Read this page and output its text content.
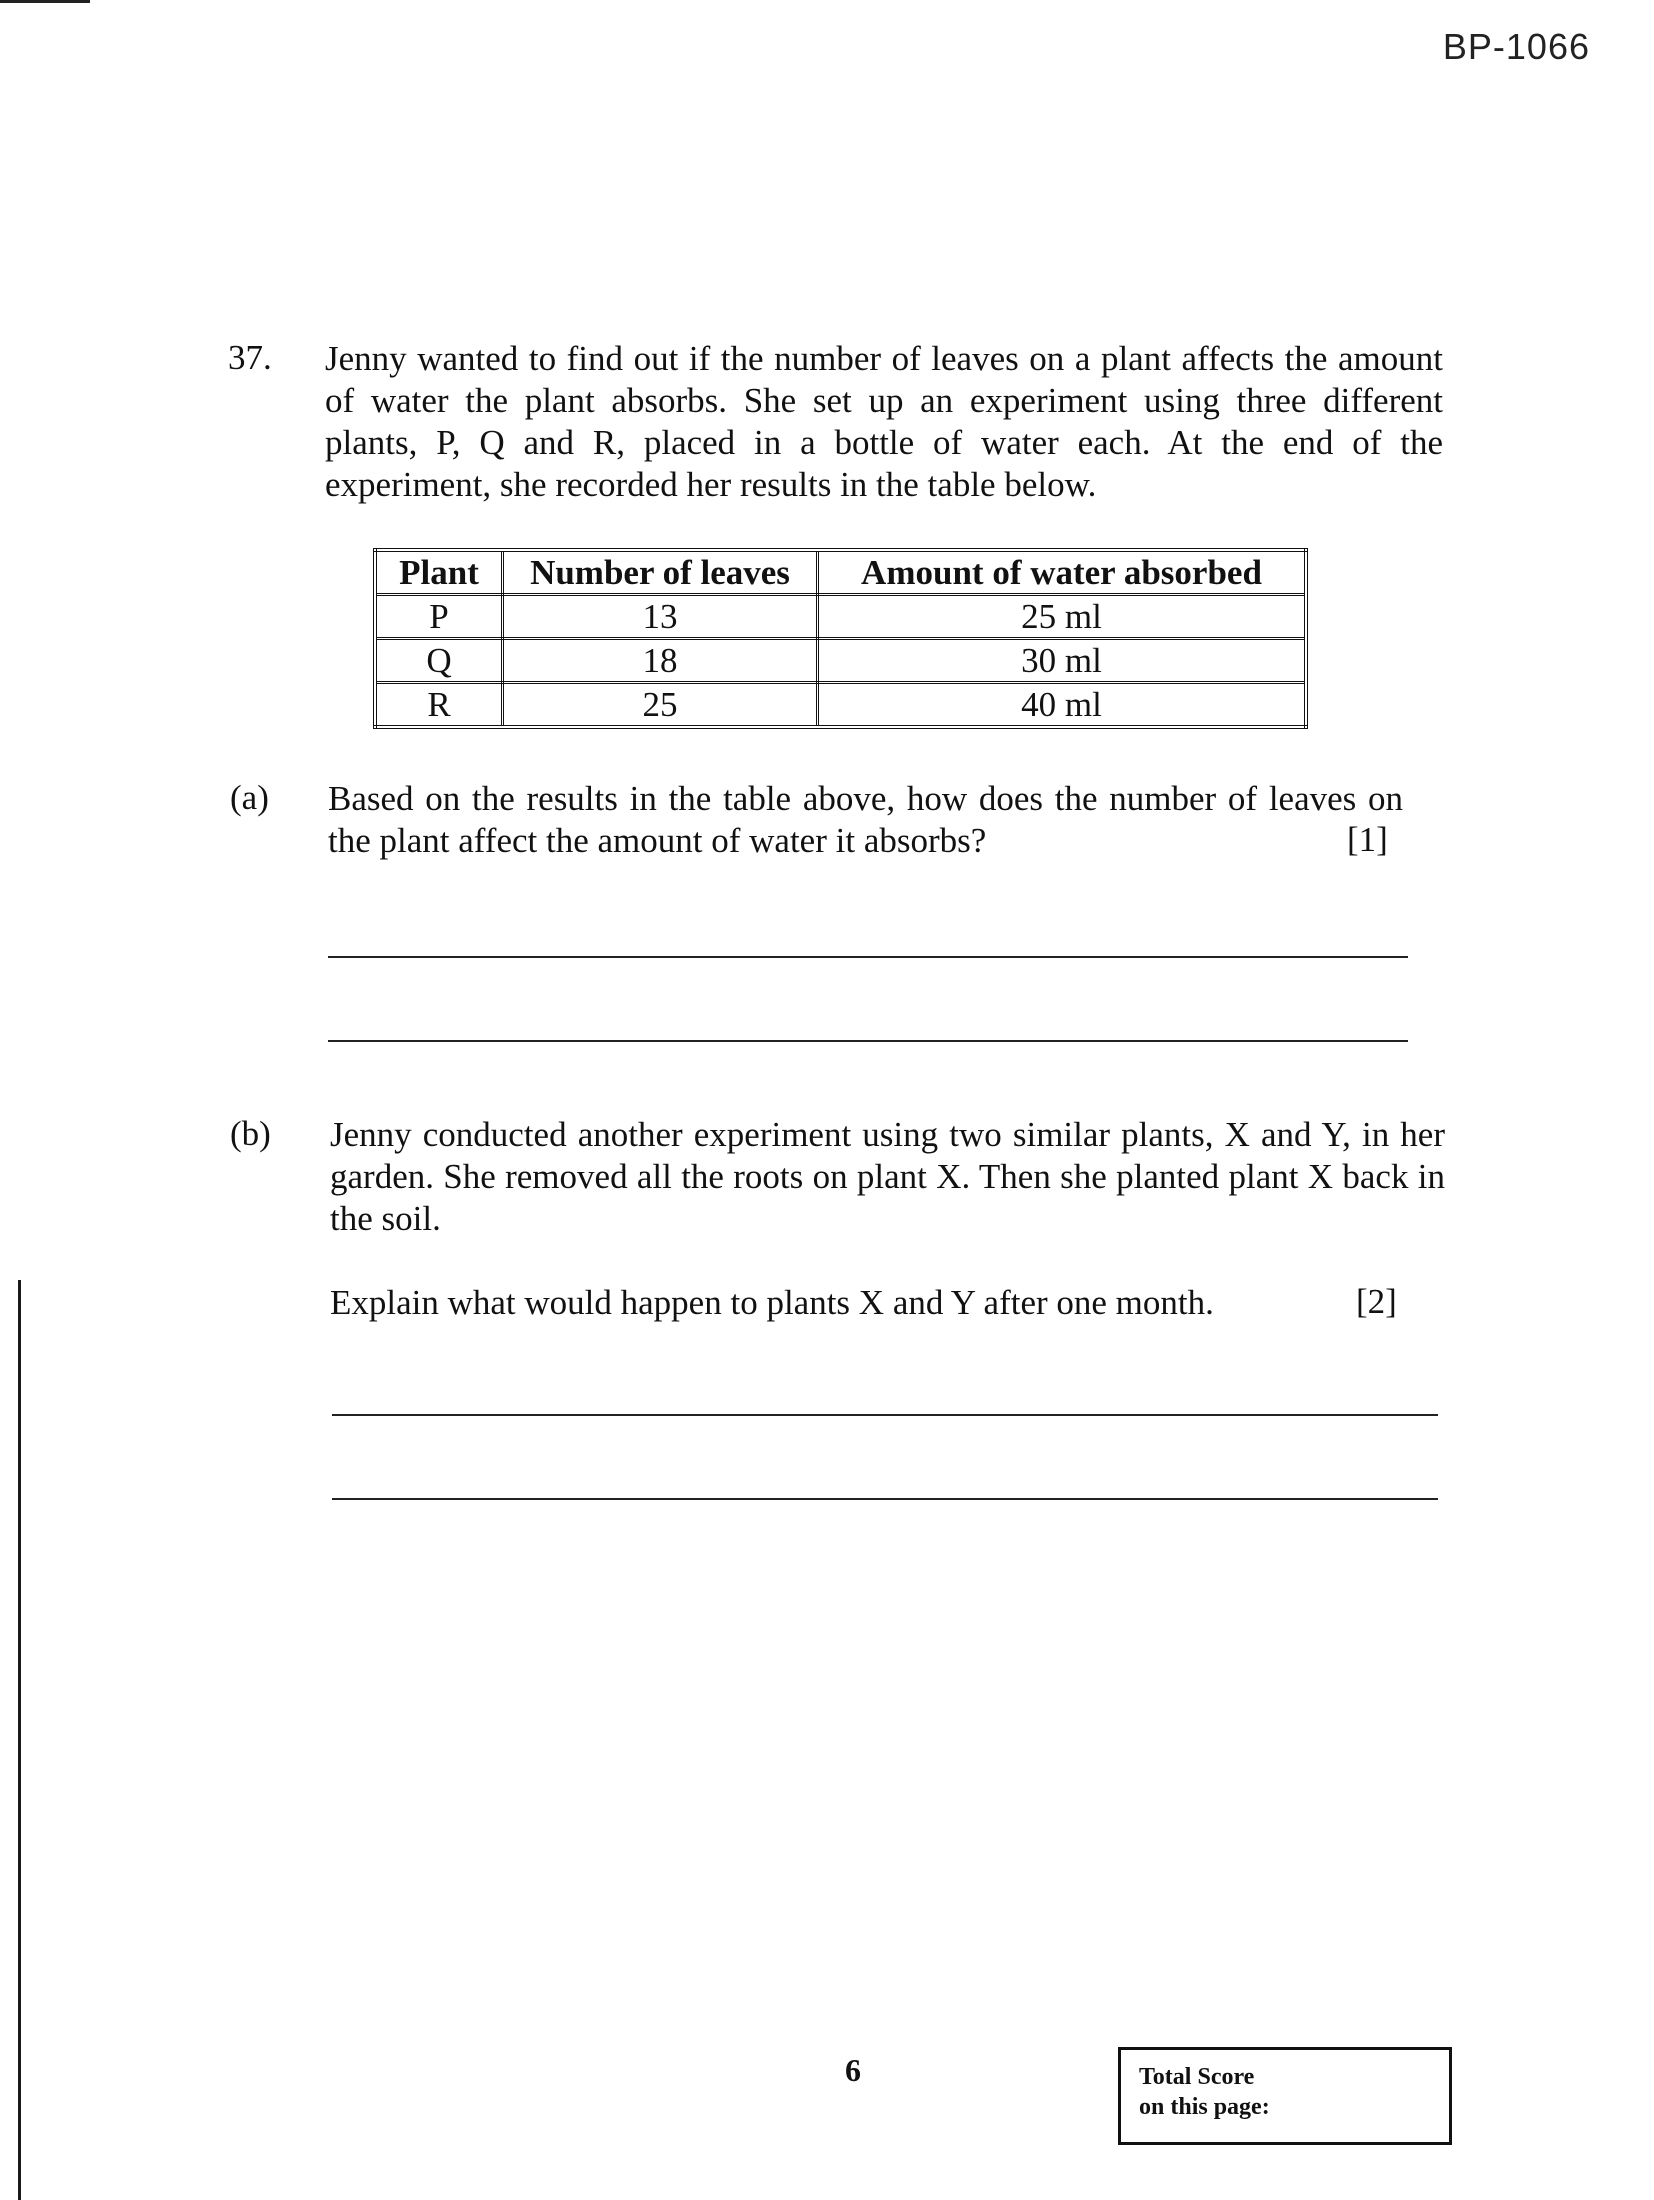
BP-1066
37. Jenny wanted to find out if the number of leaves on a plant affects the amount of water the plant absorbs. She set up an experiment using three different plants, P, Q and R, placed in a bottle of water each. At the end of the experiment, she recorded her results in the table below.
Plant	Number of leaves	Amount of water absorbed
P	13	25 ml
Q	18	30 ml
R	25	40 ml
(a) Based on the results in the table above, how does the number of leaves on the plant affect the amount of water it absorbs?	[1]
(b) Jenny conducted another experiment using two similar plants, X and Y, in her garden. She removed all the roots on plant X. Then she planted plant X back in the soil.
Explain what would happen to plants X and Y after one month.	[2]
6	Total Score
on this page:
